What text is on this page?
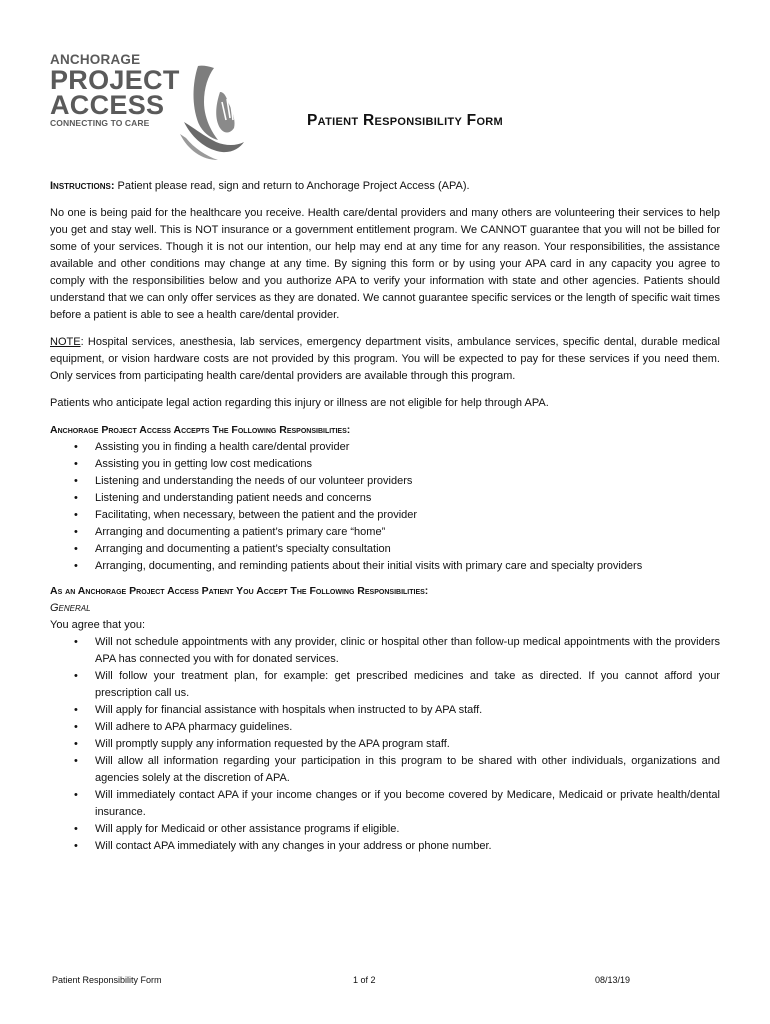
ANCHORAGE
PROJECT
ACCESS
CONNECTING TO CARE	Patient Responsibility Form

Instructions: Patient please read, sign and return to Anchorage Project Access (APA).

No one is being paid for the healthcare you receive. Health care/dental providers and many others are volunteering their services to help you get and stay well. This is NOT insurance or a government entitlement program. We CANNOT guarantee that you will not be billed for some of your services. Though it is not our intention, our help may end at any time for any reason. Your responsibilities, the assistance available and other conditions may change at any time. By signing this form or by using your APA card in any capacity you agree to comply with the responsibilities below and you authorize APA to verify your information with state and other agencies. Patients should understand that we can only offer services as they are donated. We cannot guarantee specific services or the length of specific wait times before a patient is able to see a health care/dental provider.

NOTE: Hospital services, anesthesia, lab services, emergency department visits, ambulance services, specific dental, durable medical equipment, or vision hardware costs are not provided by this program. You will be expected to pay for these services if you need them. Only services from participating health care/dental providers are available through this program.

Patients who anticipate legal action regarding this injury or illness are not eligible for help through APA.

Anchorage Project Access Accepts The Following Responsibilities:
• Assisting you in finding a health care/dental provider
• Assisting you in getting low cost medications
• Listening and understanding the needs of our volunteer providers
• Listening and understanding patient needs and concerns
• Facilitating, when necessary, between the patient and the provider
• Arranging and documenting a patient’s primary care “home”
• Arranging and documenting a patient’s specialty consultation
• Arranging, documenting, and reminding patients about their initial visits with primary care and specialty providers
As an Anchorage Project Access Patient You Accept The Following Responsibilities:
General
You agree that you:
• Will not schedule appointments with any provider, clinic or hospital other than follow-up medical appointments with the providers APA has connected you with for donated services.
• Will follow your treatment plan, for example: get prescribed medicines and take as directed. If you cannot afford your prescription call us.
• Will apply for financial assistance with hospitals when instructed to by APA staff.
• Will adhere to APA pharmacy guidelines.
• Will promptly supply any information requested by the APA program staff.
• Will allow all information regarding your participation in this program to be shared with other individuals, organizations and agencies solely at the discretion of APA.
• Will immediately contact APA if your income changes or if you become covered by Medicare, Medicaid or private health/dental insurance.
• Will apply for Medicaid or other assistance programs if eligible.
• Will contact APA immediately with any changes in your address or phone number.
Patient Responsibility Form	1 of 2	08/13/19
